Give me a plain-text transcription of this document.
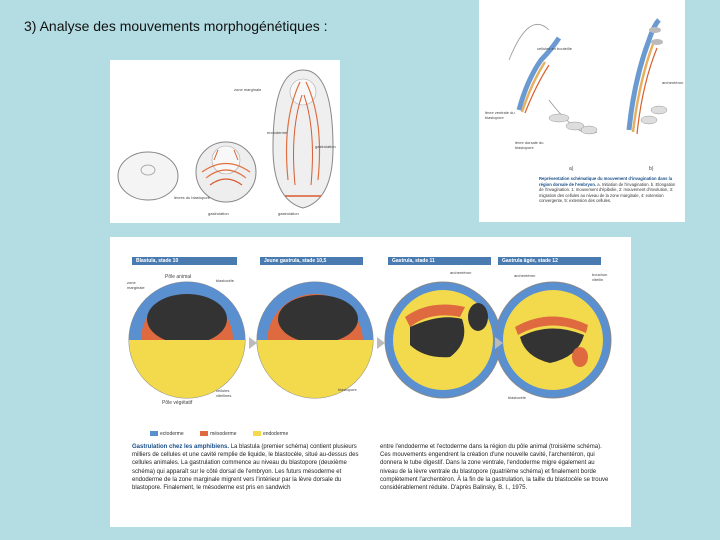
3) Analyse des mouvements morphogénétiques :
zone marginale
lèvres du blastopore
gastrulation
endoderme
gastrulation	gastrulation
cellules en bouteille
lèvre ventrale du blastopore
lèvre dorsale du blastopore
archentéron
a)	b)
Représentation schématique du mouvement d'invagination dans la région dorsale de l'embryon. a. Initiation de l'invagination. b. Elongation de l'invagination. 1: mouvement d'épibolie, 2: mouvement d'involution, 3: migration des cellules au niveau de la zone marginale, 4: extension convergente, 5: extension des cellules.
Blastula, stade 10	Jeune gastrula, stade 10,5	Gastrula, stade 11	Gastrula âgée, stade 12
Pôle animal
zone marginale
blastocèle
Pôle végétatif
cellules vitellines
blastopore
archentéron
archentéron	bouchon vitellin
blastocèle
ectoderme	mésoderme	endoderme
Gastrulation chez les amphibiens. La blastula (premier schéma) contient plusieurs milliers de cellules et une cavité remplie de liquide, le blastocèle, situé au-dessus des cellules animales. La gastrulation commence au niveau du blastopore (deuxième schéma) qui apparaît sur le côté dorsal de l'embryon. Les futurs mésoderme et endoderme de la zone marginale migrent vers l'intérieur par la lèvre dorsale du blastopore. Finalement, le mésoderme est pris en sandwich
entre l'endoderme et l'ectoderme dans la région du pôle animal (troisième schéma). Ces mouvements engendrent la création d'une nouvelle cavité, l'archentéron, qui donnera le tube digestif. Dans la zone ventrale, l'endoderme migre également au niveau de la lèvre ventrale du blastopore (quatrième schéma) et finalement borde complètement l'archentéron. À la fin de la gastrulation, la taille du blastocèle se trouve considérablement réduite. D'après Balinsky, B. I., 1975.
